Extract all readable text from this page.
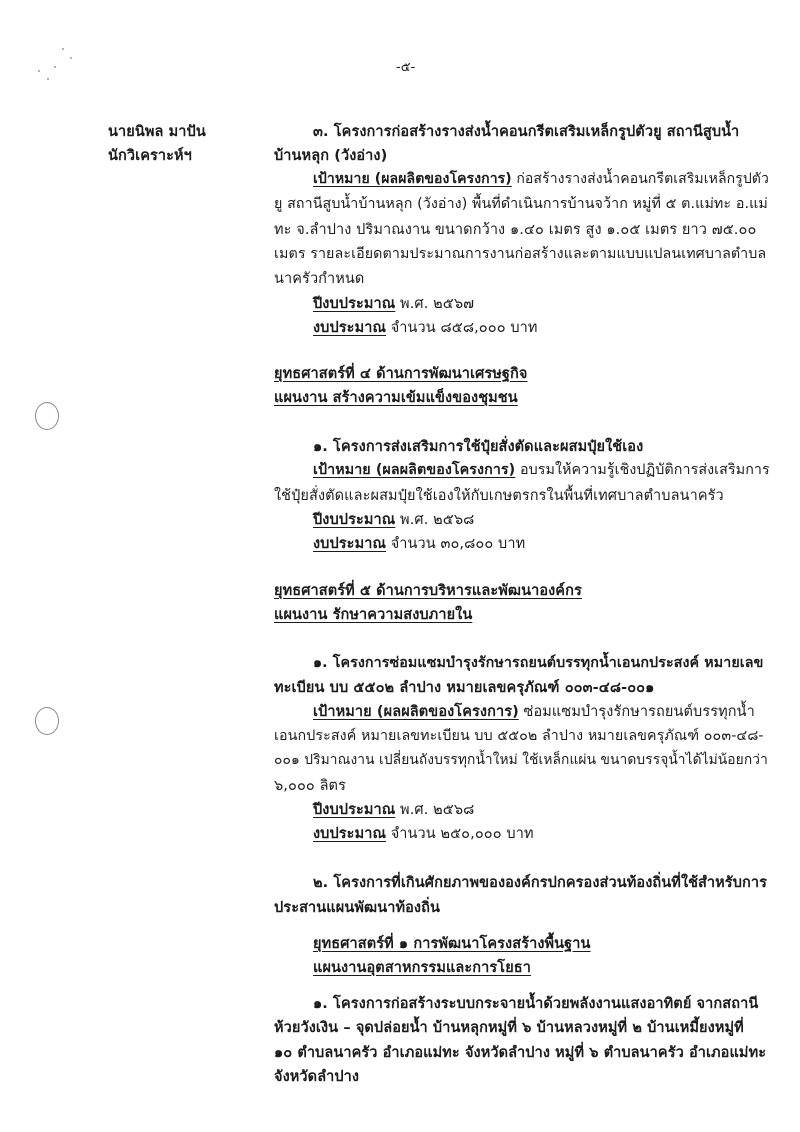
-๕-
นายนิพล มาปัน
นักวิเคราะห์ฯ
๓. โครงการก่อสร้างรางส่งน้ำคอนกรีตเสริมเหล็กรูปตัวยู สถานีสูบน้ำ
บ้านหลุก (วังอ่าง)
เป้าหมาย (ผลผลิตของโครงการ) ก่อสร้างรางส่งน้ำคอนกรีตเสริมเหล็กรูปตัว
ยู สถานีสูบน้ำบ้านหลุก (วังอ่าง) พื้นที่ดำเนินการบ้านจว้าก หมู่ที่ ๕ ต.แม่ทะ อ.แม่
ทะ จ.ลำปาง ปริมาณงาน ขนาดกว้าง ๑.๔๐ เมตร สูง ๑.๐๕ เมตร ยาว ๗๕.๐๐
เมตร รายละเอียดตามประมาณการงานก่อสร้างและตามแบบแปลนเทศบาลตำบล
นาครัวกำหนด
ปีงบประมาณ พ.ศ. ๒๕๖๗
งบประมาณ จำนวน ๘๕๘,๐๐๐ บาท
ยุทธศาสตร์ที่ ๔ ด้านการพัฒนาเศรษฐกิจ
แผนงาน สร้างความเข้มแข็งของชุมชน
๑. โครงการส่งเสริมการใช้ปุ๋ยสั่งตัดและผสมปุ๋ยใช้เอง
เป้าหมาย (ผลผลิตของโครงการ) อบรมให้ความรู้เชิงปฏิบัติการส่งเสริมการ
ใช้ปุ๋ยสั่งตัดและผสมปุ๋ยใช้เองให้กับเกษตรกรในพื้นที่เทศบาลตำบลนาครัว
ปีงบประมาณ พ.ศ. ๒๕๖๘
งบประมาณ จำนวน ๓๐,๘๐๐ บาท
ยุทธศาสตร์ที่ ๕ ด้านการบริหารและพัฒนาองค์กร
แผนงาน รักษาความสงบภายใน
๑. โครงการซ่อมแซมบำรุงรักษารถยนต์บรรทุกน้ำเอนกประสงค์ หมายเลข
ทะเบียน บบ ๕๕๐๒ ลำปาง หมายเลขครุภัณฑ์ ๐๐๓-๔๘-๐๐๑
เป้าหมาย (ผลผลิตของโครงการ) ซ่อมแซมบำรุงรักษารถยนต์บรรทุกน้ำ
เอนกประสงค์ หมายเลขทะเบียน บบ ๕๕๐๒ ลำปาง หมายเลขครุภัณฑ์ ๐๐๓-๔๘-
๐๐๑ ปริมาณงาน เปลี่ยนถังบรรทุกน้ำใหม่ ใช้เหล็กแผ่น ขนาดบรรจุน้ำได้ไม่น้อยกว่า
๖,๐๐๐ ลิตร
ปีงบประมาณ พ.ศ. ๒๕๖๘
งบประมาณ จำนวน ๒๕๐,๐๐๐ บาท
๒. โครงการที่เกินศักยภาพขององค์กรปกครองส่วนท้องถิ่นที่ใช้สำหรับการ
ประสานแผนพัฒนาท้องถิ่น
ยุทธศาสตร์ที่ ๑ การพัฒนาโครงสร้างพื้นฐาน
แผนงานอุตสาหกรรมและการโยธา
๑. โครงการก่อสร้างระบบกระจายน้ำด้วยพลังงานแสงอาทิตย์ จากสถานี
ห้วยวังเงิน – จุดปล่อยน้ำ บ้านหลุกหมู่ที่ ๖ บ้านหลวงหมู่ที่ ๒ บ้านเหมี้ยงหมู่ที่
๑๐ ตำบลนาครัว อำเภอแม่ทะ จังหวัดลำปาง หมู่ที่ ๖ ตำบลนาครัว อำเภอแม่ทะ
จังหวัดลำปาง
